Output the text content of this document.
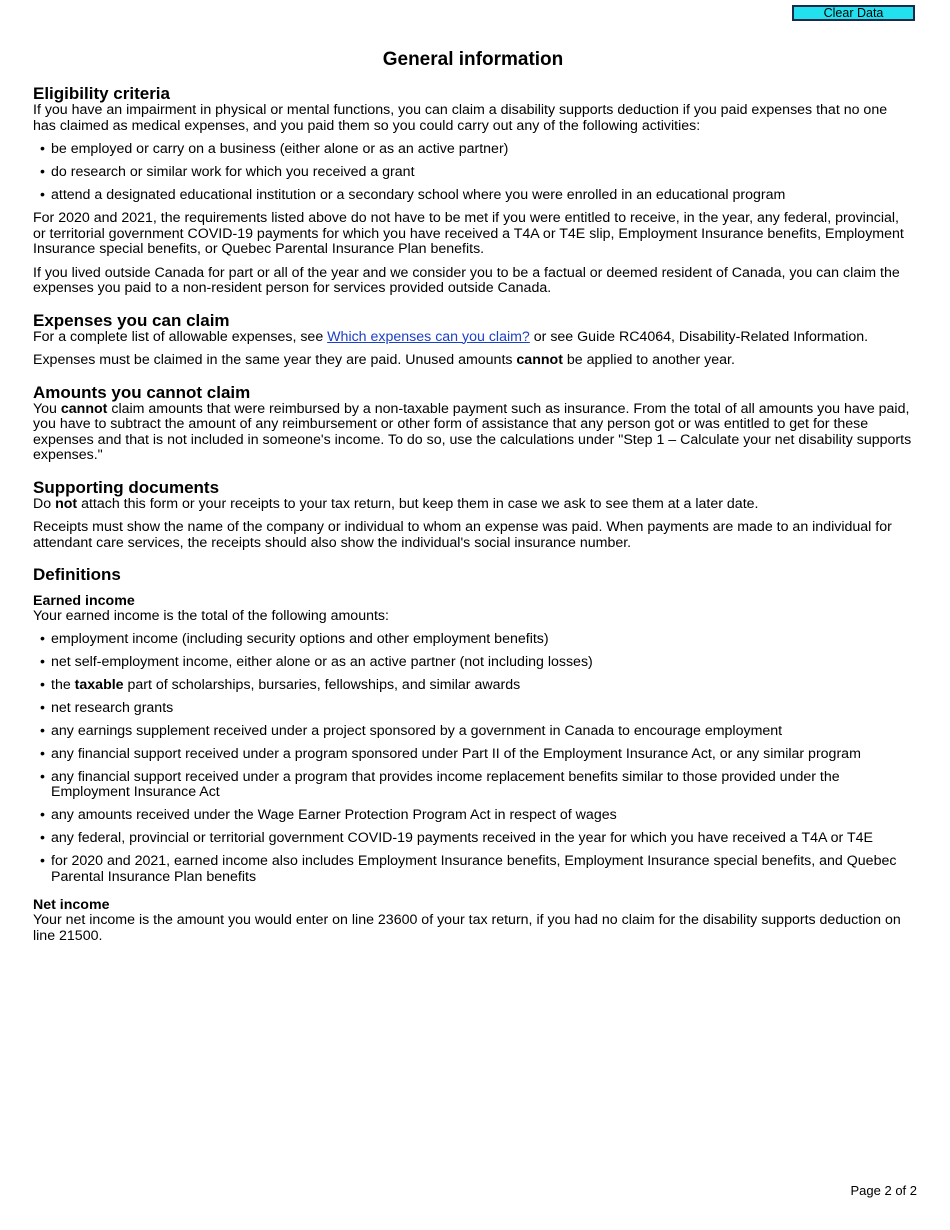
Clear Data
General information
Eligibility criteria

If you have an impairment in physical or mental functions, you can claim a disability supports deduction if you paid expenses that no one has claimed as medical expenses, and you paid them so you could carry out any of the following activities:

• be employed or carry on a business (either alone or as an active partner)
• do research or similar work for which you received a grant
• attend a designated educational institution or a secondary school where you were enrolled in an educational program

For 2020 and 2021, the requirements listed above do not have to be met if you were entitled to receive, in the year, any federal, provincial, or territorial government COVID-19 payments for which you have received a T4A or T4E slip, Employment Insurance benefits, Employment Insurance special benefits, or Quebec Parental Insurance Plan benefits.

If you lived outside Canada for part or all of the year and we consider you to be a factual or deemed resident of Canada, you can claim the expenses you paid to a non-resident person for services provided outside Canada.

Expenses you can claim

For a complete list of allowable expenses, see Which expenses can you claim? or see Guide RC4064, Disability-Related Information.

Expenses must be claimed in the same year they are paid. Unused amounts cannot be applied to another year.

Amounts you cannot claim

You cannot claim amounts that were reimbursed by a non-taxable payment such as insurance. From the total of all amounts you have paid, you have to subtract the amount of any reimbursement or other form of assistance that any person got or was entitled to get for these expenses and that is not included in someone's income. To do so, use the calculations under "Step 1 – Calculate your net disability supports expenses."

Supporting documents

Do not attach this form or your receipts to your tax return, but keep them in case we ask to see them at a later date.

Receipts must show the name of the company or individual to whom an expense was paid. When payments are made to an individual for attendant care services, the receipts should also show the individual's social insurance number.

Definitions
Earned income

Your earned income is the total of the following amounts:

• employment income (including security options and other employment benefits)
• net self-employment income, either alone or as an active partner (not including losses)
• the taxable part of scholarships, bursaries, fellowships, and similar awards
• net research grants
• any earnings supplement received under a project sponsored by a government in Canada to encourage employment
• any financial support received under a program sponsored under Part II of the Employment Insurance Act, or any similar program
• any financial support received under a program that provides income replacement benefits similar to those provided under the Employment Insurance Act
• any amounts received under the Wage Earner Protection Program Act in respect of wages
• any federal, provincial or territorial government COVID-19 payments received in the year for which you have received a T4A or T4E
• for 2020 and 2021, earned income also includes Employment Insurance benefits, Employment Insurance special benefits, and Quebec Parental Insurance Plan benefits
Net income

Your net income is the amount you would enter on line 23600 of your tax return, if you had no claim for the disability supports deduction on line 21500.

Page 2 of 2
